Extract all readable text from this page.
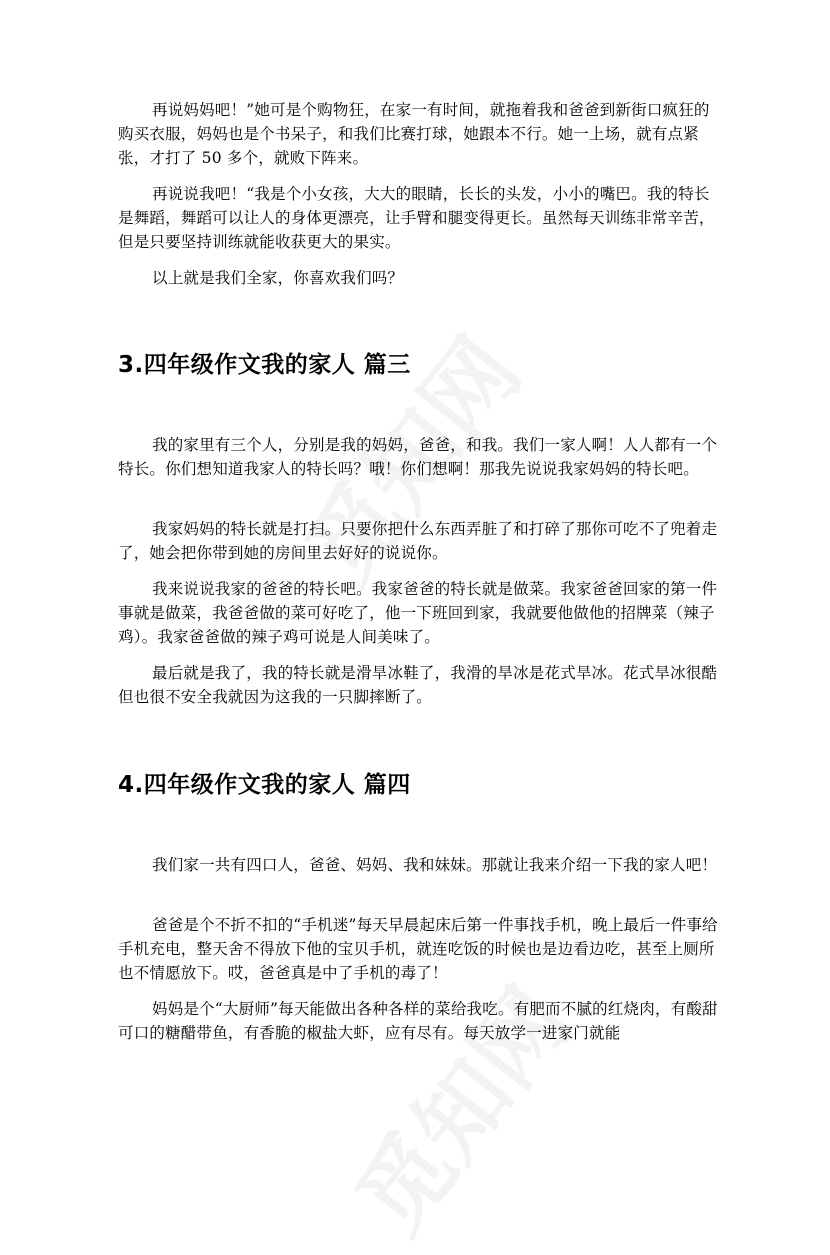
再说妈妈吧！”她可是个购物狂，在家一有时间，就拖着我和爸爸到新街口疯狂的购买衣服，妈妈也是个书呆子，和我们比赛打球，她跟本不行。她一上场，就有点紧张，才打了 50 多个，就败下阵来。

再说说我吧！“我是个小女孩，大大的眼睛，长长的头发，小小的嘴巴。我的特长是舞蹈，舞蹈可以让人的身体更漂亮，让手臂和腿变得更长。虽然每天训练非常辛苦，但是只要坚持训练就能收获更大的果实。

以上就是我们全家，你喜欢我们吗？

3.四年级作文我的家人 篇三

我的家里有三个人，分别是我的妈妈，爸爸，和我。我们一家人啊！人人都有一个特长。你们想知道我家人的特长吗？哦！你们想啊！那我先说说我家妈妈的特长吧。

我家妈妈的特长就是打扫。只要你把什么东西弄脏了和打碎了那你可吃不了兜着走了，她会把你带到她的房间里去好好的说说你。

我来说说我家的爸爸的特长吧。我家爸爸的特长就是做菜。我家爸爸回家的第一件事就是做菜，我爸爸做的菜可好吃了，他一下班回到家，我就要他做他的招牌菜（辣子鸡）。我家爸爸做的辣子鸡可说是人间美味了。

最后就是我了，我的特长就是滑旱冰鞋了，我滑的旱冰是花式旱冰。花式旱冰很酷但也很不安全我就因为这我的一只脚摔断了。

4.四年级作文我的家人 篇四

我们家一共有四口人，爸爸、妈妈、我和妹妹。那就让我来介绍一下我的家人吧！

爸爸是个不折不扣的“手机迷”每天早晨起床后第一件事找手机，晚上最后一件事给手机充电，整天舍不得放下他的宝贝手机，就连吃饭的时候也是边看边吃，甚至上厕所也不情愿放下。哎，爸爸真是中了手机的毒了！

妈妈是个“大厨师”每天能做出各种各样的菜给我吃。有肥而不腻的红烧肉，有酸甜可口的糖醋带鱼，有香脆的椒盐大虾，应有尽有。每天放学一进家门就能
